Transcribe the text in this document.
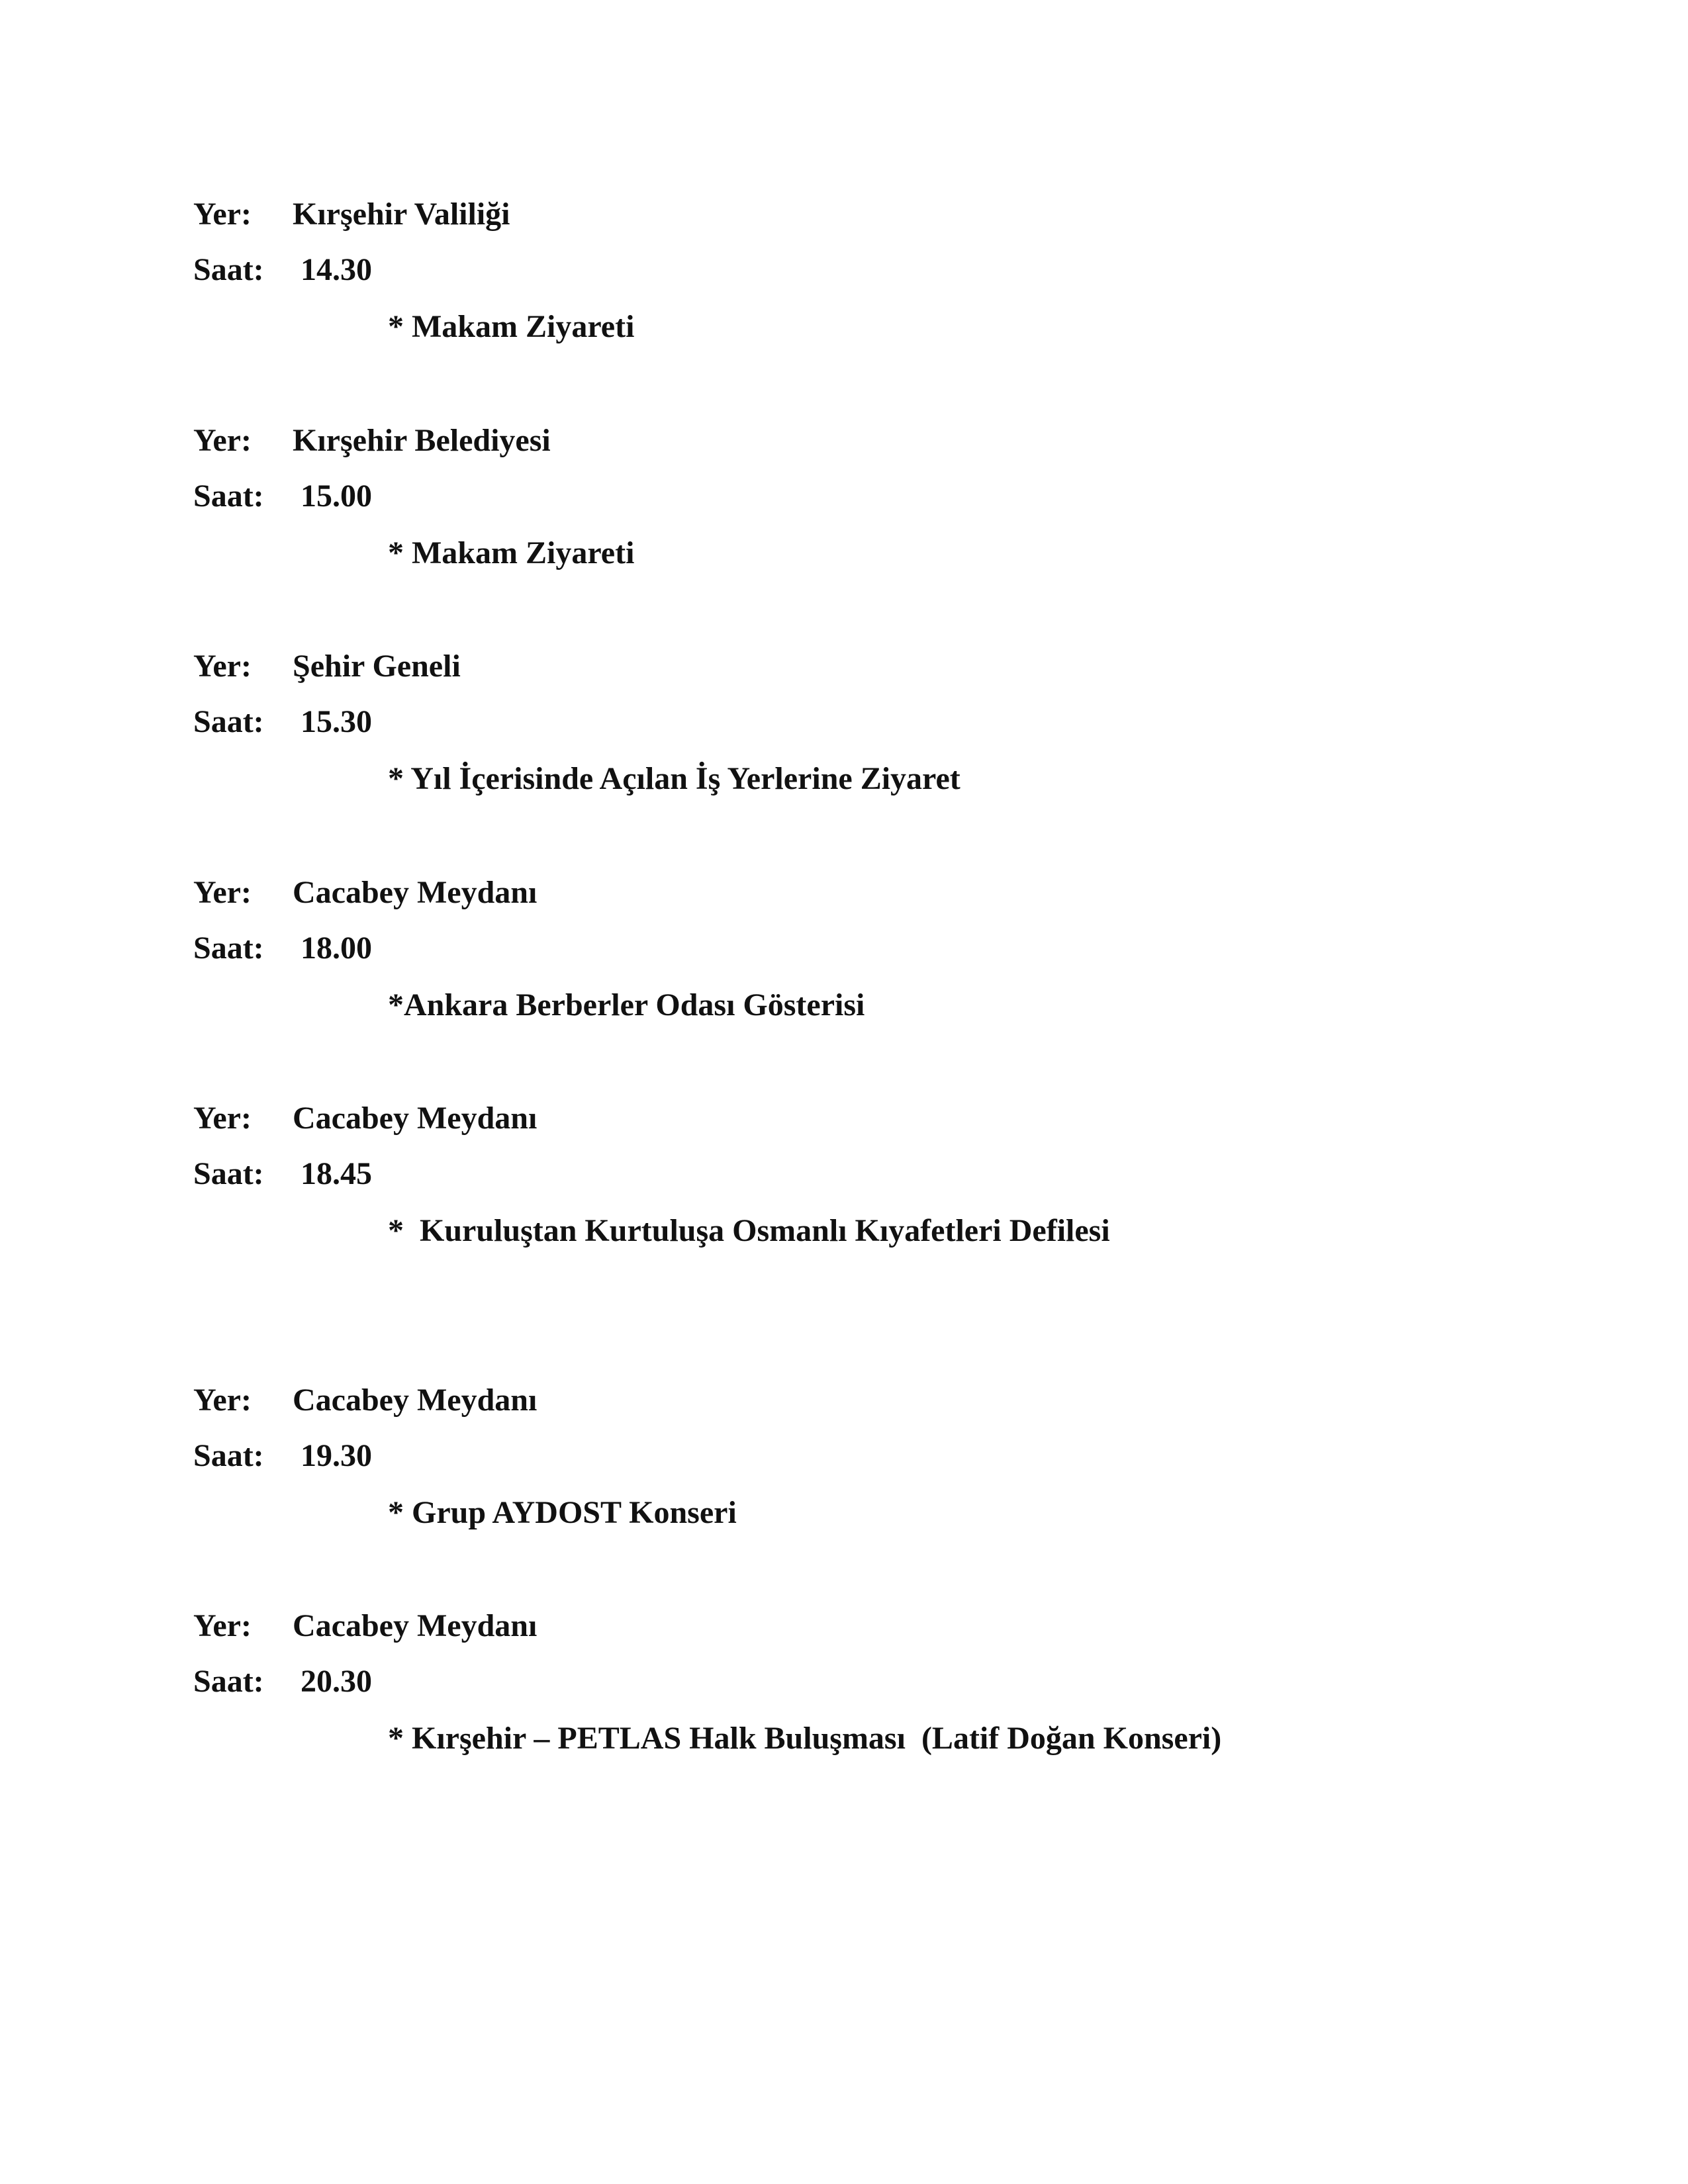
Yer: Kırşehir Valiliği
Saat: 14.30
* Makam Ziyareti
Yer: Kırşehir Belediyesi
Saat: 15.00
* Makam Ziyareti
Yer: Şehir Geneli
Saat: 15.30
* Yıl İçerisinde Açılan İş Yerlerine Ziyaret
Yer: Cacabey Meydanı
Saat: 18.00
*Ankara Berberler Odası Gösterisi
Yer: Cacabey Meydanı
Saat: 18.45
*  Kuruluştan Kurtuluşa Osmanlı Kıyafetleri Defilesi
Yer: Cacabey Meydanı
Saat: 19.30
* Grup AYDOST Konseri
Yer: Cacabey Meydanı
Saat: 20.30
* Kırşehir – PETLAS Halk Buluşması  (Latif Doğan Konseri)
